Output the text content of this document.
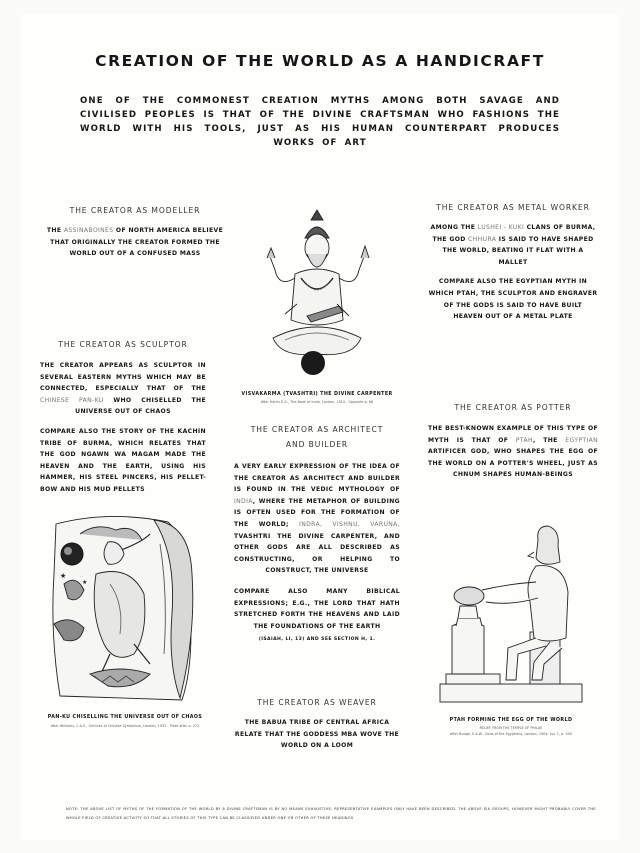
CREATION OF THE WORLD AS A HANDICRAFT
ONE OF THE COMMONEST CREATION MYTHS AMONG BOTH SAVAGE AND CIVILISED PEOPLES IS THAT OF THE DIVINE CRAFTSMAN WHO FASHIONS THE WORLD WITH HIS TOOLS, JUST AS HIS HUMAN COUNTERPART PRODUCES WORKS OF ART
THE CREATOR AS MODELLER
THE ASSINABOINES OF NORTH AMERICA BELIEVE THAT ORIGINALLY THE CREATOR FORMED THE WORLD OUT OF A CONFUSED MASS
THE CREATOR AS METAL WORKER
AMONG THE LUSHEI - KUKI CLANS OF BURMA, THE GOD CHHURA IS SAID TO HAVE SHAPED THE WORLD, BEATING IT FLAT WITH A MALLET
COMPARE ALSO THE EGYPTIAN MYTH IN WHICH PTAH, THE SCULPTOR AND ENGRAVER OF THE GODS IS SAID TO HAVE BUILT HEAVEN OUT OF A METAL PLATE
THE CREATOR AS SCULPTOR
THE CREATOR APPEARS AS SCULPTOR IN SEVERAL EASTERN MYTHS WHICH MAY BE CONNECTED, ESPECIALLY THAT OF THE CHINESE PAN-KU WHO CHISELLED THE UNIVERSE OUT OF CHAOS
COMPARE ALSO THE STORY OF THE KACHIN TRIBE OF BURMA, WHICH RELATES THAT THE GOD NGAWN WA MAGAM MADE THE HEAVEN AND THE EARTH, USING HIS HAMMER, HIS STEEL PINCERS, HIS PELLET-BOW AND HIS MUD PELLETS
THE CREATOR AS ARCHITECT
AND BUILDER
A VERY EARLY EXPRESSION OF THE IDEA OF THE CREATOR AS ARCHITECT AND BUILDER IS FOUND IN THE VEDIC MYTHOLOGY OF INDIA, WHERE THE METAPHOR OF BUILDING IS OFTEN USED FOR THE FORMATION OF THE WORLD; INDRA, VISHNU, VARUNA, TVASHTRI THE DIVINE CARPENTER, AND OTHER GODS ARE ALL DESCRIBED AS CONSTRUCTING, OR HELPING TO CONSTRUCT, THE UNIVERSE
COMPARE ALSO MANY BIBLICAL EXPRESSIONS; E.G., THE LORD THAT HATH STRETCHED FORTH THE HEAVENS AND LAID THE FOUNDATIONS OF THE EARTH
(ISAIAH, LI, 13) AND SEE SECTION H, 1.
THE CREATOR AS POTTER
THE BEST-KNOWN EXAMPLE OF THIS TYPE OF MYTH IS THAT OF PTAH, THE EGYPTIAN ARTIFICER GOD, WHO SHAPES THE EGG OF THE WORLD ON A POTTER'S WHEEL, JUST AS CHNUM SHAPES HUMAN-BEINGS
THE CREATOR AS WEAVER
THE BABUA TRIBE OF CENTRAL AFRICA RELATE THAT THE GODDESS MBA WOVE THE WORLD ON A LOOM
VISVAKARMA (TVASHTRI) THE DIVINE CARPENTER
After Harris E.G., The Book of India, London, 1914 - Opposite p. 66
★
★
PAN-KU CHISELLING THE UNIVERSE OUT OF CHAOS
After Williams, C.A.S., Outlines of Chinese Symbolism, London, 1932 - Plate after p. 272
PTAH FORMING THE EGG OF THE WORLD
RELIEF FROM THE TEMPLE OF PHILAE
After Budge, E.A.W., Gods of the Egyptians, London, 1904, vol. 1, p. 500
NOTE: THE ABOVE LIST OF MYTHS OF THE FORMATION OF THE WORLD BY A DIVINE CRAFTSMAN IS BY NO MEANS EXHAUSTIVE; REPRESENTATIVE EXAMPLES ONLY HAVE BEEN DESCRIBED. THE ABOVE SIX GROUPS, HOWEVER MIGHT PROBABLY COVER THE WHOLE FIELD OF CREATIVE ACTIVITY SO THAT ALL STORIES OF THIS TYPE CAN BE CLASSIFIED UNDER ONE OR OTHER OF THESE HEADINGS
